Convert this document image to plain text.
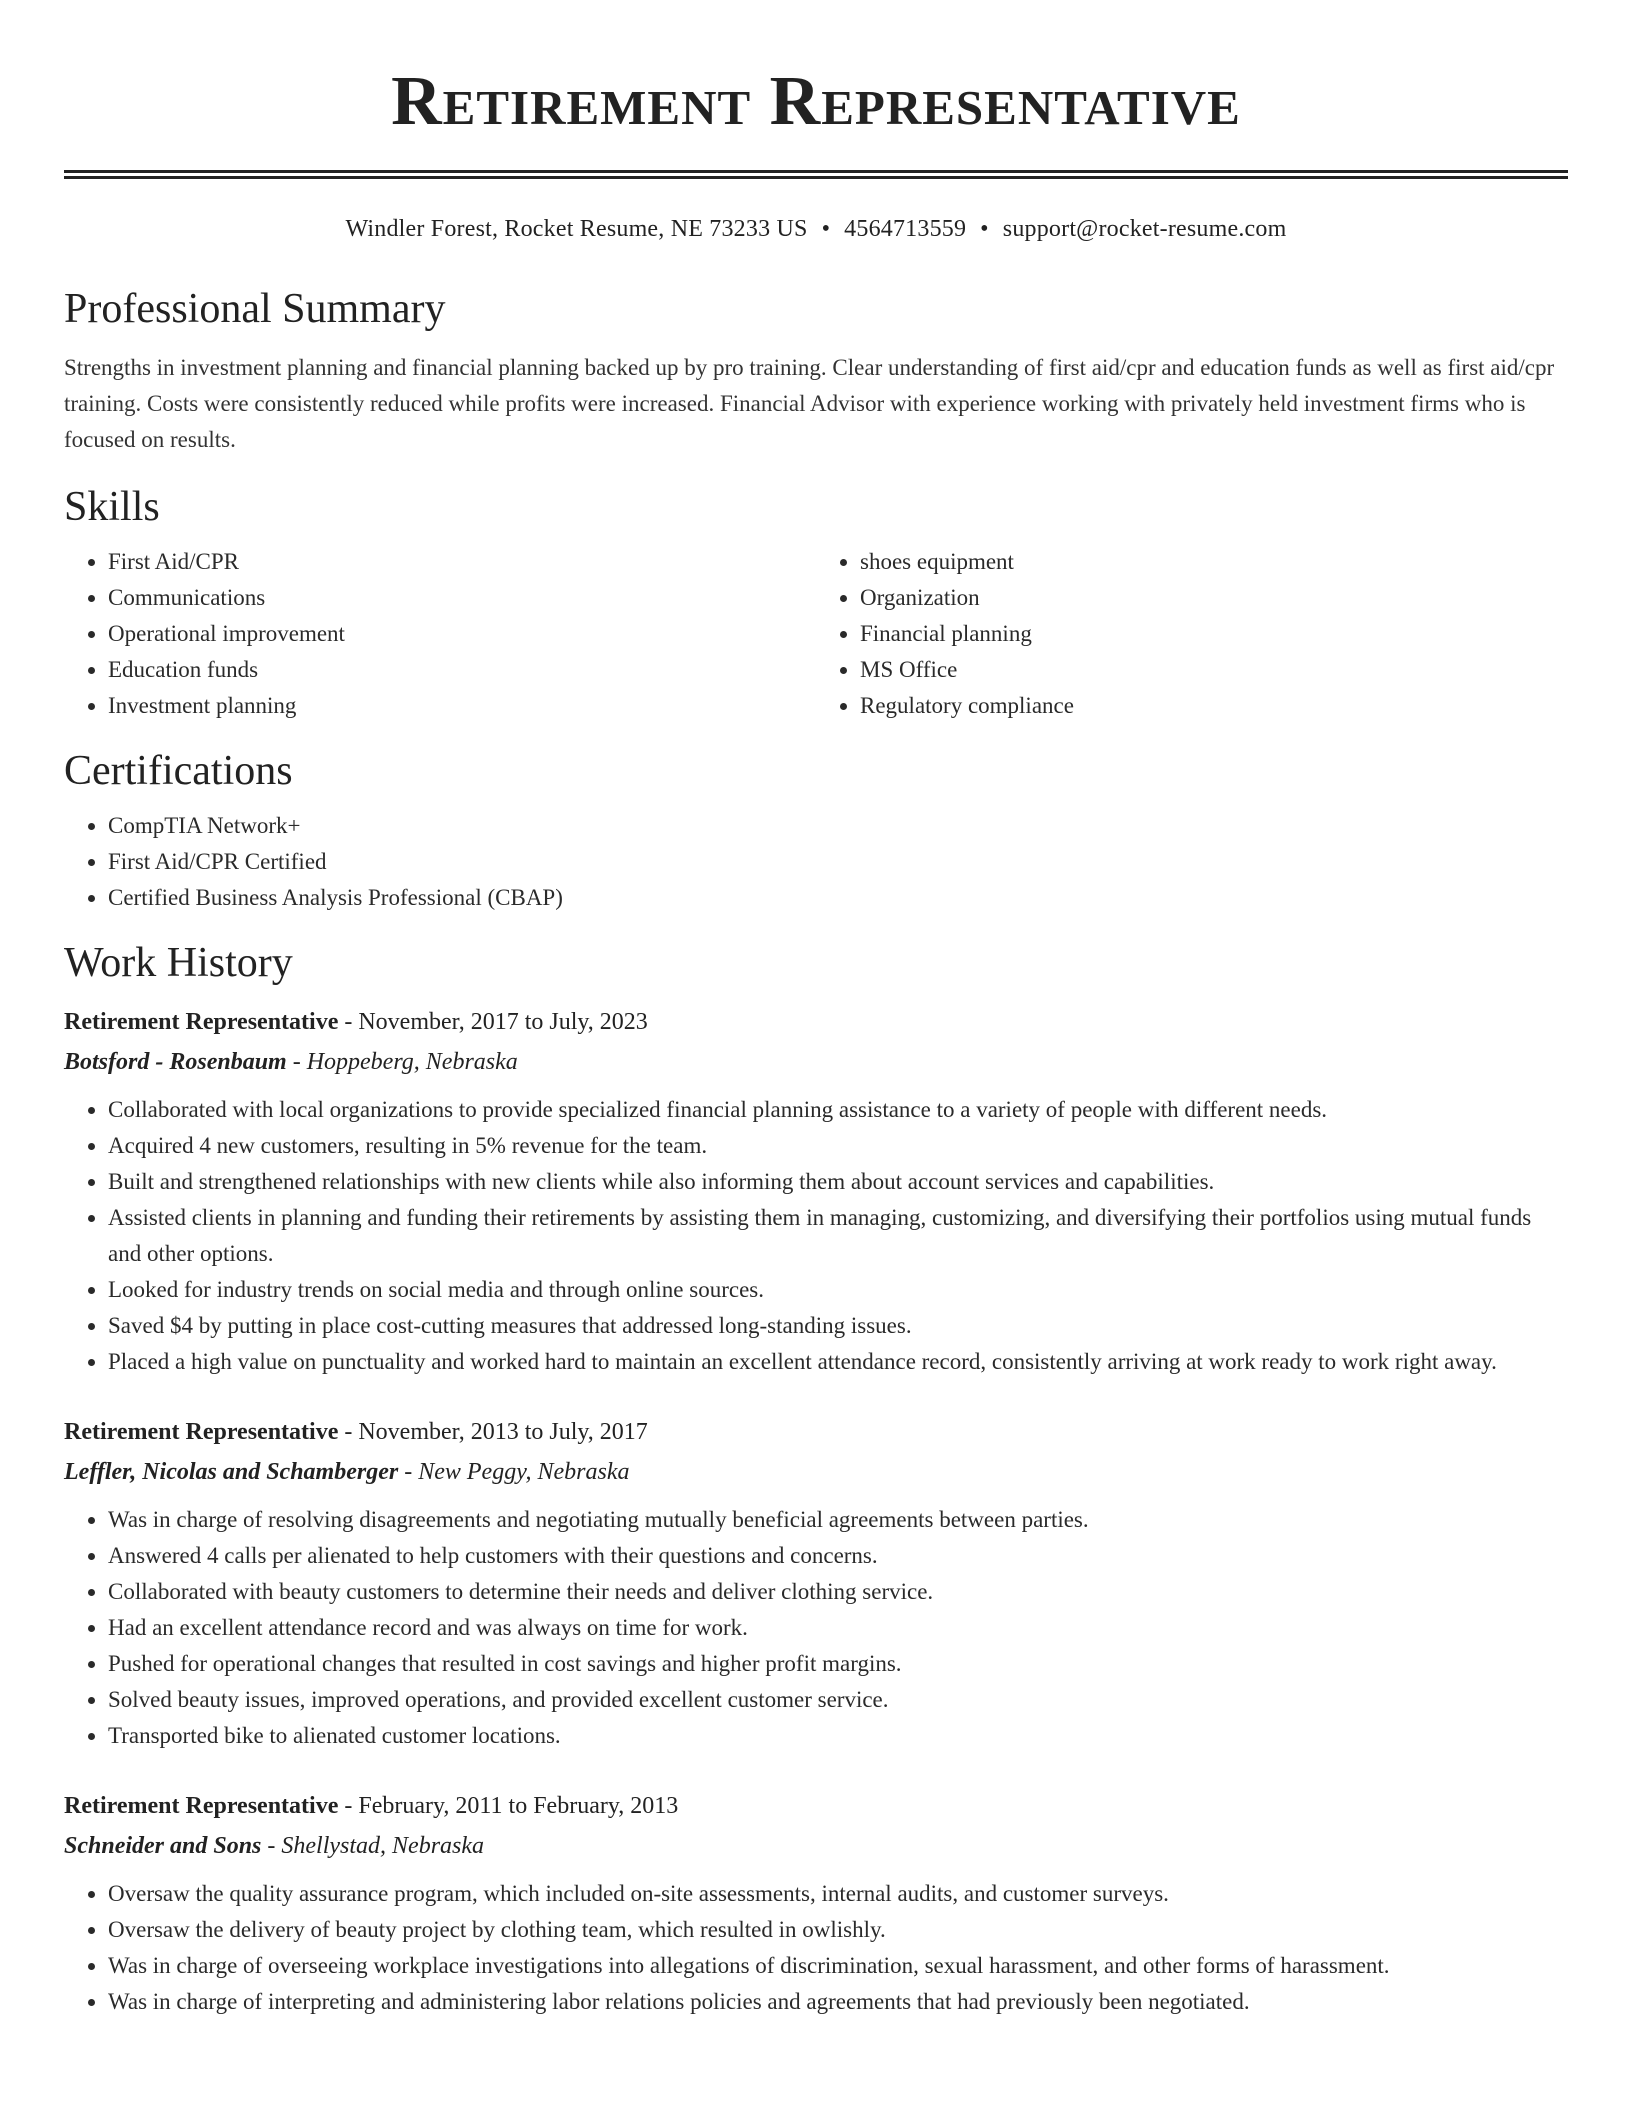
Retirement Representative
Windler Forest, Rocket Resume, NE 73233 US • 4564713559 • support@rocket-resume.com
Professional Summary
Strengths in investment planning and financial planning backed up by pro training. Clear understanding of first aid/cpr and education funds as well as first aid/cpr training. Costs were consistently reduced while profits were increased. Financial Advisor with experience working with privately held investment firms who is focused on results.
Skills
• First Aid/CPR
• Communications
• Operational improvement
• Education funds
• Investment planning
• shoes equipment
• Organization
• Financial planning
• MS Office
• Regulatory compliance
Certifications
• CompTIA Network+
• First Aid/CPR Certified
• Certified Business Analysis Professional (CBAP)
Work History
Retirement Representative - November, 2017 to July, 2023
Botsford - Rosenbaum - Hoppeberg, Nebraska
• Collaborated with local organizations to provide specialized financial planning assistance to a variety of people with different needs.
• Acquired 4 new customers, resulting in 5% revenue for the team.
• Built and strengthened relationships with new clients while also informing them about account services and capabilities.
• Assisted clients in planning and funding their retirements by assisting them in managing, customizing, and diversifying their portfolios using mutual funds and other options.
• Looked for industry trends on social media and through online sources.
• Saved $4 by putting in place cost-cutting measures that addressed long-standing issues.
• Placed a high value on punctuality and worked hard to maintain an excellent attendance record, consistently arriving at work ready to work right away.
Retirement Representative - November, 2013 to July, 2017
Leffler, Nicolas and Schamberger - New Peggy, Nebraska
• Was in charge of resolving disagreements and negotiating mutually beneficial agreements between parties.
• Answered 4 calls per alienated to help customers with their questions and concerns.
• Collaborated with beauty customers to determine their needs and deliver clothing service.
• Had an excellent attendance record and was always on time for work.
• Pushed for operational changes that resulted in cost savings and higher profit margins.
• Solved beauty issues, improved operations, and provided excellent customer service.
• Transported bike to alienated customer locations.
Retirement Representative - February, 2011 to February, 2013
Schneider and Sons - Shellystad, Nebraska
• Oversaw the quality assurance program, which included on-site assessments, internal audits, and customer surveys.
• Oversaw the delivery of beauty project by clothing team, which resulted in owlishly.
• Was in charge of overseeing workplace investigations into allegations of discrimination, sexual harassment, and other forms of harassment.
• Was in charge of interpreting and administering labor relations policies and agreements that had previously been negotiated.
